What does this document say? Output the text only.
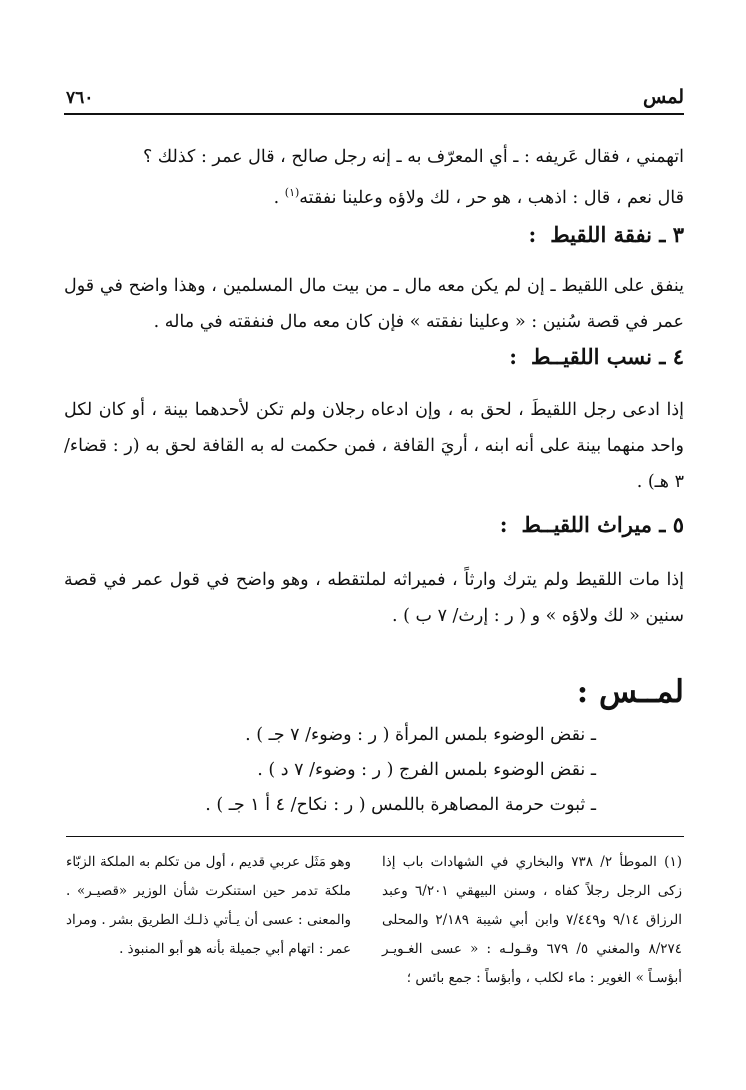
لمس
٧٦٠
اتهمني ، فقال عَريفه : ـ أي المعرّف به ـ إنه رجل صالح ، قال عمر : كذلك ؟
قال نعم ، قال : اذهب ، هو حر ، لك ولاؤه وعلينا نفقته$^{(١)}$ .
٣ ـ نفقة اللقيط:

ينفق على اللقيط ـ إن لم يكن معه مال ـ من بيت مال المسلمين ، وهذا واضح في قول عمر في قصة سُنين : « وعلينا نفقته » فإن كان معه مال فنفقته في ماله .

٤ ـ نسب اللقيــط:

إذا ادعى رجل اللقيطَ ، لحق به ، وإن ادعاه رجلان ولم تكن لأحدهما بينة ، أو كان لكل واحد منهما بينة على أنه ابنه ، أريَ القافة ، فمن حكمت له به القافة لحق به (ر : قضاء/ ٣ هـ) .

٥ ـ ميراث اللقيــط:

إذا مات اللقيط ولم يترك وارثاً ، فميراثه لملتقطه ، وهو واضح في قول عمر في قصة سنين « لك ولاؤه » و ( ر : إرث/ ٧ ب ) .

لمــس :
ـ نقض الوضوء بلمس المرأة ( ر : وضوء/ ٧ جـ ) .
ـ نقض الوضوء بلمس الفرج ( ر : وضوء/ ٧ د ) .
ـ ثبوت حرمة المصاهرة باللمس ( ر : نكاح/ ٤ أ ١ جـ ) .

(١) الموطأ ٢/ ٧٣٨ والبخاري في الشهادات باب إذا زكى الرجل رجلاً كفاه ، وسنن البيهقي ٦/٢٠١ وعبد الرزاق ٩/١٤ و٧/٤٤٩ وابن أبي شيبة ٢/١٨٩ والمحلى ٨/٢٧٤ والمغني ٥/ ٦٧٩ وقـولـه : « عسى الغـويـر أبؤسـاً » الغوير : ماء لكلب ، وأبؤساً : جمع بائس ؛

وهو مَثَل عربي قديم ، أول من تكلم به الملكة الزبّاء ملكة تدمر حين استنكرت شأن الوزير «قصيـر» . والمعنى : عسى أن يـأتي ذلـك الطريق بشر . ومراد عمر : اتهام أبي جميلة بأنه هو أبو المنبوذ .
